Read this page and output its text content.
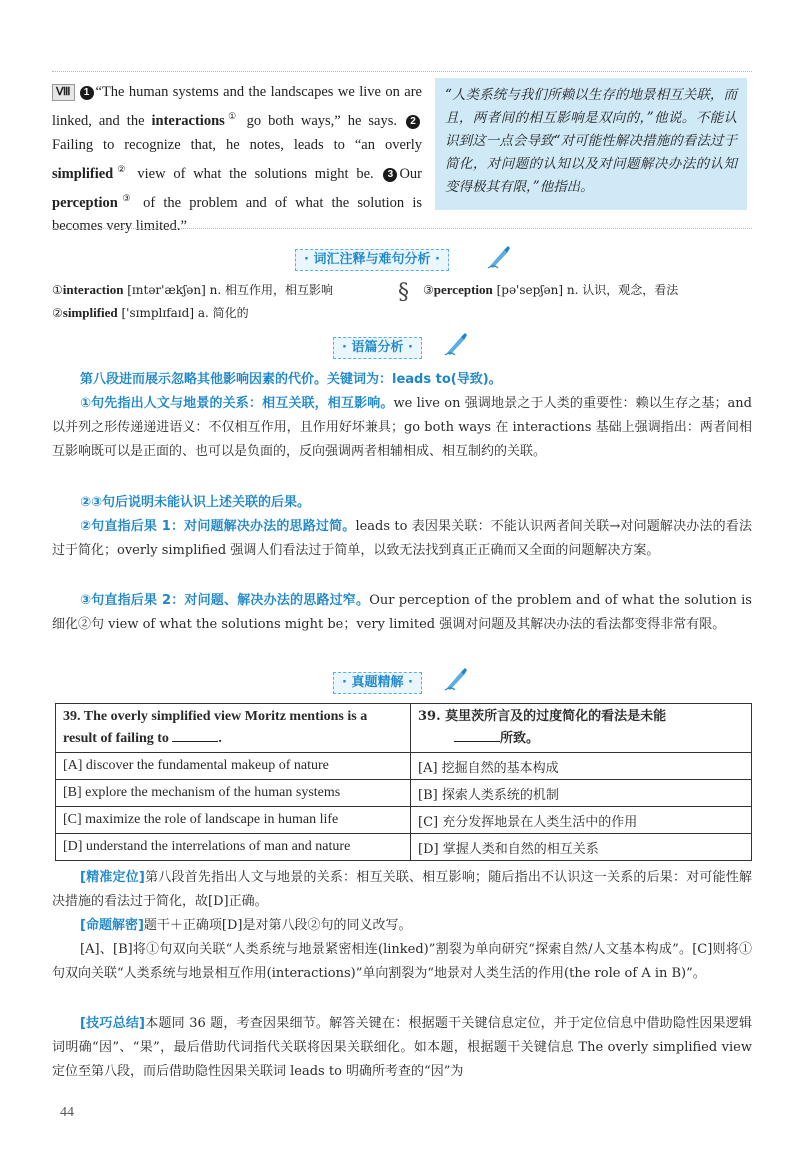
Ⅷ 1 “The human systems and the landscapes we live on are linked, and the interactions① go both ways,” he says. 2Failing to recognize that, he notes, leads to “an overly simplified② view of what the solutions might be. 3 Our perception③ of the problem and of what the solution is becomes very limited.”
“人类系统与我们所赖以生存的地景相互关联，而且，两者间的相互影响是双向的，”他说。不能认识到这一点会导致“对可能性解决措施的看法过于简化，对问题的认知以及对问题解决办法的认知变得极其有限，”他指出。
· 词汇注释与难句分析 ·
①interaction [ɪntər'ækʃən] n. 相互作用，相互影响
②simplified ['sɪmplɪfaɪd] a. 简化的
§ ③perception [pə'sepʃən] n. 认识，观念，看法
· 语篇分析 ·
第八段进而展示忽略其他影响因素的代价。关键词为：leads to(导致)。
①句先指出人文与地景的关系：相互关联，相互影响。we live on 强调地景之于人类的重要性：赖以生存之基；and 以并列之形传递递进语义：不仅相互作用，且作用好坏兼具；go both ways 在 interactions 基础上强调指出：两者间相互影响既可以是正面的、也可以是负面的，反向强调两者相辅相成、相互制约的关联。
②③句后说明未能认识上述关联的后果。
②句直指后果 1：对问题解决办法的思路过简。leads to 表因果关联：不能认识两者间关联→对问题解决办法的看法过于简化；overly simplified 强调人们看法过于简单，以致无法找到真正正确而又全面的问题解决方案。
③句直指后果 2：对问题、解决办法的思路过窄。Our perception of the problem and of what the solution is 细化②句 view of what the solutions might be；very limited 强调对问题及其解决办法的看法都变得非常有限。
· 真题精解 ·
39. The overly simplified view Moritz mentions is a
result of failing to .	39. 莫里茨所言及的过度简化的看法是未能
所致。
[A] discover the fundamental makeup of nature	[A] 挖掘自然的基本构成
[B] explore the mechanism of the human systems	[B] 探索人类系统的机制
[C] maximize the role of landscape in human life	[C] 充分发挥地景在人类生活中的作用
[D] understand the interrelations of man and nature	[D] 掌握人类和自然的相互关系
[精准定位]第八段首先指出人文与地景的关系：相互关联、相互影响；随后指出不认识这一关系的后果：对可能性解决措施的看法过于简化，故[D]正确。
[命题解密]题干＋正确项[D]是对第八段②句的同义改写。
[A]、[B]将①句双向关联“人类系统与地景紧密相连(linked)”割裂为单向研究“探索自然/人文基本构成”。[C]则将①句双向关联“人类系统与地景相互作用(interactions)”单向割裂为“地景对人类生活的作用(the role of A in B)”。
[技巧总结]本题同 36 题，考查因果细节。解答关键在：根据题干关键信息定位，并于定位信息中借助隐性因果逻辑词明确“因”、“果”，最后借助代词指代关联将因果关联细化。如本题，根据题干关键信息 The overly simplified view 定位至第八段，而后借助隐性因果关联词 leads to 明确所考查的“因”为
44
